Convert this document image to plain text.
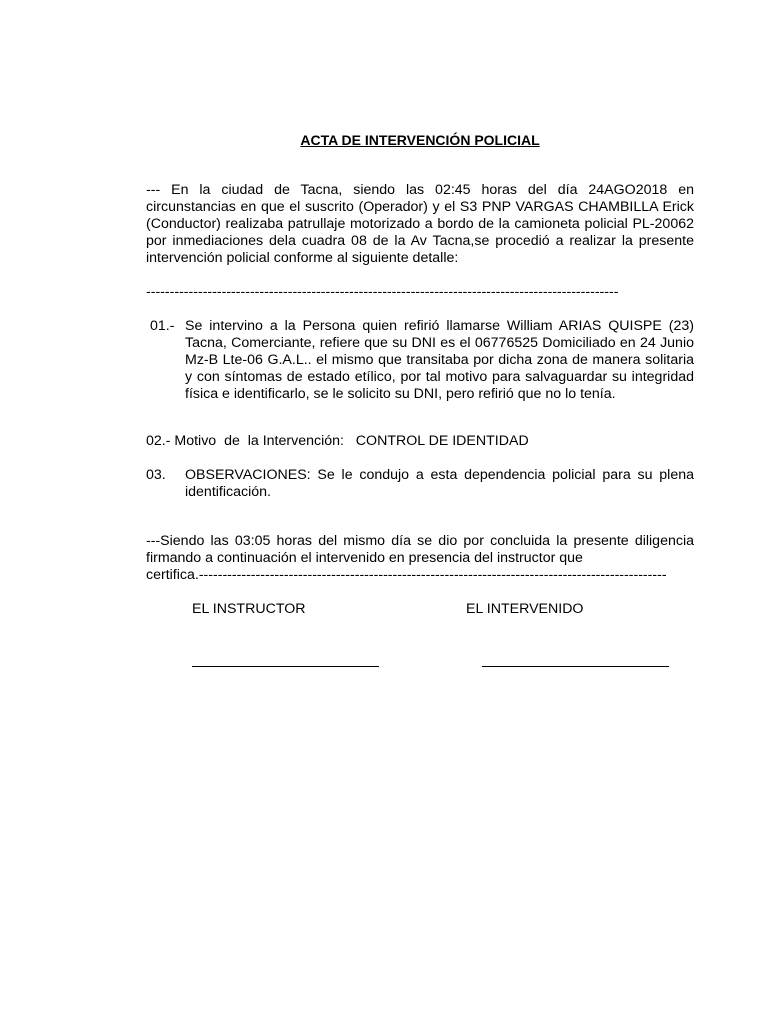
ACTA DE INTERVENCIÓN POLICIAL
--- En la ciudad de Tacna, siendo las 02:45 horas del día 24AGO2018 en circunstancias en que el suscrito (Operador) y el S3 PNP VARGAS CHAMBILLA Erick (Conductor) realizaba patrullaje motorizado a bordo de la camioneta policial PL-20062 por inmediaciones dela cuadra 08 de la Av Tacna,se procedió a realizar la presente intervención policial conforme al siguiente detalle:
----------------------------------------------------------------------------------------------------
01.- Se intervino a la Persona quien refirió llamarse William ARIAS QUISPE (23) Tacna, Comerciante, refiere que su DNI es el 06776525 Domiciliado en 24 Junio Mz-B Lte-06 G.A.L.. el mismo que transitaba por dicha zona de manera solitaria y con síntomas de estado etílico, por tal motivo para salvaguardar su integridad física e identificarlo, se le solicito su DNI, pero refirió que no lo tenía.
02.- Motivo  de  la Intervención: CONTROL DE IDENTIDAD
03. OBSERVACIONES: Se le condujo a esta dependencia policial para su plena identificación.
---Siendo las 03:05 horas del mismo día se dio por concluida la presente diligencia firmando a continuación el intervenido en presencia del instructor que
certifica.---------------------------------------------------------------------------------------------------
EL INSTRUCTOR	EL INTERVENIDO
